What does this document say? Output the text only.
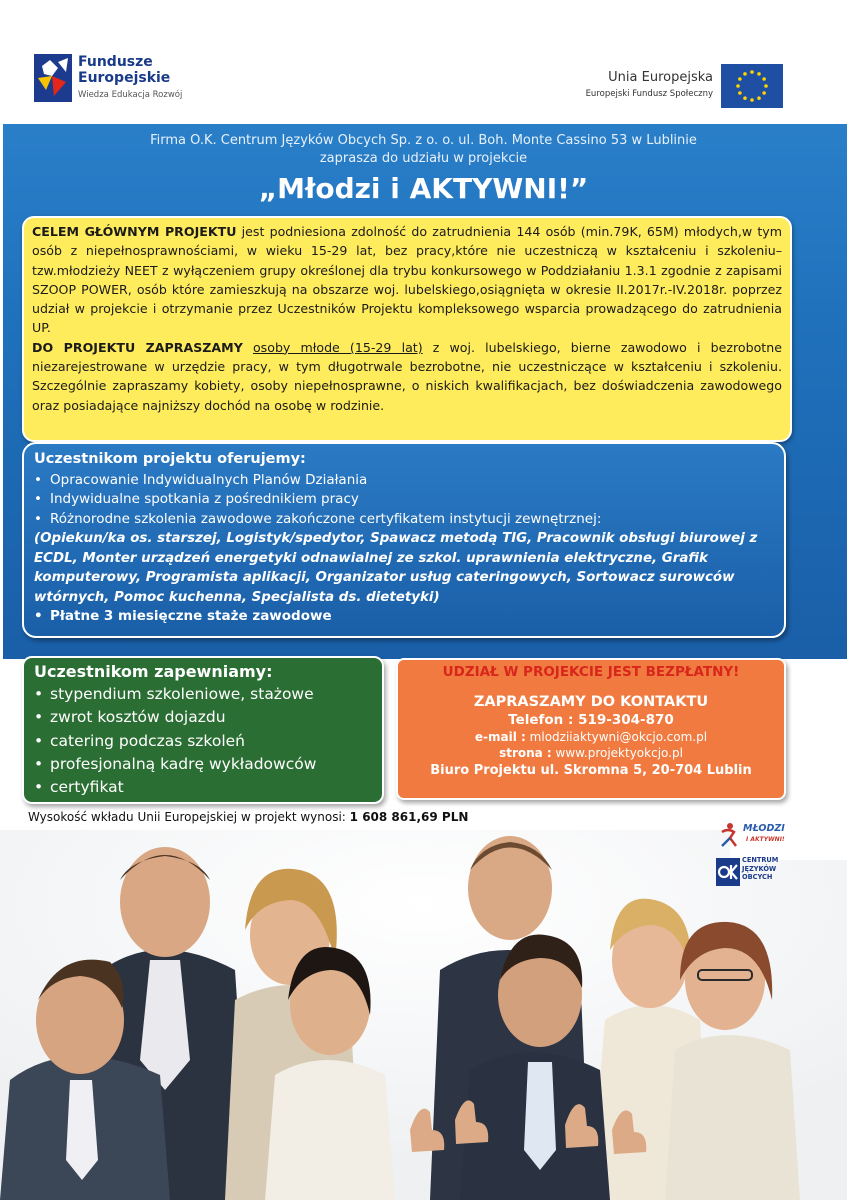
Fundusze
Europejskie
Wiedza Edukacja Rozwój
Unia Europejska
Europejski Fundusz Społeczny
Firma O.K. Centrum Języków Obcych Sp. z o. o. ul. Boh. Monte Cassino 53 w Lublinie
zaprasza do udziału w projekcie
„Młodzi i AKTYWNI!”
CELEM GŁÓWNYM PROJEKTU jest podniesiona zdolność do zatrudnienia 144 osób (min.79K, 65M) młodych,w tym osób z niepełnosprawnościami, w wieku 15-29 lat, bez pracy,które nie uczestniczą w kształceniu i szkoleniu–tzw.młodzieży NEET z wyłączeniem grupy określonej dla trybu konkursowego w Poddziałaniu 1.3.1 zgodnie z zapisami SZOOP POWER, osób które zamieszkują na obszarze woj. lubelskiego,osiągnięta w okresie II.2017r.-IV.2018r. poprzez udział w projekcie i otrzymanie przez Uczestników Projektu kompleksowego wsparcia prowadzącego do zatrudnienia UP.
DO PROJEKTU ZAPRASZAMY osoby młode (15-29 lat) z woj. lubelskiego, bierne zawodowo i bezrobotne niezarejestrowane w urzędzie pracy, w tym długotrwale bezrobotne, nie uczestniczące w kształceniu i szkoleniu. Szczególnie zapraszamy kobiety, osoby niepełnosprawne, o niskich kwalifikacjach, bez doświadczenia zawodowego oraz posiadające najniższy dochód na osobę w rodzinie.
Uczestnikom projektu oferujemy:
• Opracowanie Indywidualnych Planów Działania
• Indywidualne spotkania z pośrednikiem pracy
• Różnorodne szkolenia zawodowe zakończone certyfikatem instytucji zewnętrznej:
(Opiekun/ka os. starszej, Logistyk/spedytor, Spawacz metodą TIG, Pracownik obsługi biurowej z ECDL, Monter urządzeń energetyki odnawialnej ze szkol. uprawnienia elektryczne, Grafik komputerowy, Programista aplikacji, Organizator usług cateringowych, Sortowacz surowców wtórnych, Pomoc kuchenna, Specjalista ds. dietetyki)
• Płatne 3 miesięczne staże zawodowe
Uczestnikom zapewniamy:
• stypendium szkoleniowe, stażowe
• zwrot kosztów dojazdu
• catering podczas szkoleń
• profesjonalną kadrę wykładowców
• certyfikat
UDZIAŁ W PROJEKCIE JEST BEZPŁATNY!
ZAPRASZAMY DO KONTAKTU
Telefon : 519-304-870
e-mail : mlodziiaktywni@okcjo.com.pl
strona : www.projektyokcjo.pl
Biuro Projektu ul. Skromna 5, 20-704 Lublin
Wysokość wkładu Unii Europejskiej w projekt wynosi: 1 608 861,69 PLN
MŁODZI
I AKTYWNI!
CENTRUM
JĘZYKÓW
OBCYCH
